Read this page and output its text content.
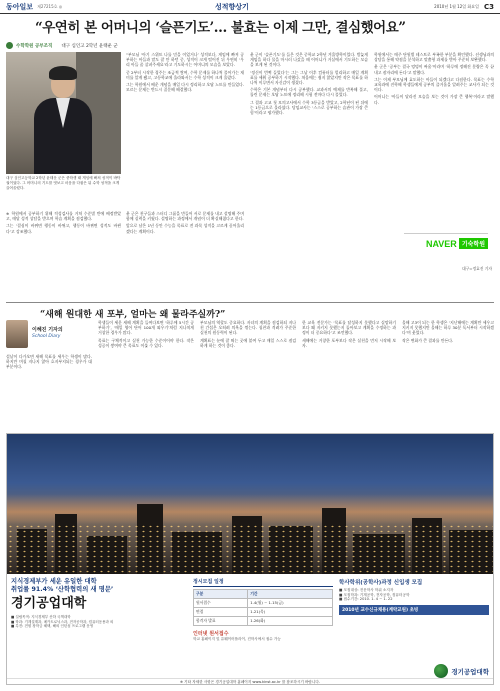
동아일보 제27215호 ◎	성적향상기	2010년 1월 12일 화요일 C3
“우연히 본 어머니의 ‘슬픈기도’… 불효는 이제 그만, 결심했어요”
수학학원 공부조직 대구 심인고 2학년 윤태운 군
대구 심인고등학교 2학년 윤태운 군은 중학생 때 게임에 빠져 성적이 바닥권이었다. 그 어머니의 기도를 엿보고 마음을 다잡은 뒤 수학 성적을 크게 끌어올렸다.

“부모님 ‘아기 스위트 나를 믿을 이었거나’ 성적보다, 게임에 빠져 공부하는 아들과 말도 잘 안 하던 중, 성적이 크게 떨어진 뒤 우연히 ‘우리 아들 좀 살펴주세요’라고 기도하시는 어머니의 모습을 보았다.

중 2부터 시작한 경주는 조금씩 쌓여, 수학 문제를 하나씩 풀어가는 재미를 알게 됐고, 고등학교에 올라와서는 수학 성적이 크게 올랐다.

그는 학원에서 배운 개념을 매일 다시 정리하고 오답 노트를 만들었다. 모르는 문제는 반드시 질문해 해결했다.

윤 군이 ‘슬픈기도’를 들은 것은 중학교 2학년 겨울방학이었다. 밤늦게 게임을 하다 물을 마시러 나갔을 때 어머니가 거실에서 기도하는 모습을 보게 된 것이다.

‘정신이 번쩍 들었다’는 그는 그날 이후 컴퓨터를 멀리하고 매일 계획표를 세워 공부하기 시작했다. 처음에는 쉽지 않았지만 작은 목표를 하나씩 이루면서 자신감이 생겼다.

수학은 기본 개념부터 다시 공부했다. 교과서의 예제를 반복해 풀고, 틀린 문제는 오답 노트에 정리해 시험 전마다 다시 풀었다.

그 결과 고교 첫 모의고사에서 수학 3등급을 받았고, 2학년이 된 뒤에는 1등급으로 올라섰다. 담임교사는 ‘스스로 공부하는 습관이 가장 큰 힘’이라고 평가했다.

학원에서는 매주 단원별 테스트로 부족한 부분을 확인했다. 선생님과의 상담을 통해 약점을 분석하고 맞춤형 과제를 받아 꾸준히 보완했다.

윤 군은 ‘공부는 결국 엉덩이 싸움’이라며 ‘하루에 정해진 분량은 꼭 끝내고 잠자리에 든다’고 말했다.

그는 이제 부모님께 효도하는 아들이 되겠다고 다짐한다. 목표는 수학교육과에 진학해 학생들에게 공부의 즐거움을 알려주는 교사가 되는 것이다.

어머니는 ‘아들이 달라진 모습을 보는 것이 가장 큰 행복’이라고 말했다.

※ 학원에서 공부하기 위해 적성검사를 거쳐 수준별 반에 배정받았고, 매달 성적 상담을 받으며 학습 계획을 점검했다.

그는 ‘결심이 바뀌면 행동이 바뀌고, 행동이 바뀌면 성적도 바뀐다’고 강조했다.

윤 군은 친구들과 스터디 그룹을 만들어 서로 문제를 내고 설명해 주며 함께 실력을 키웠다. 설명하는 과정에서 개념이 더 확실해졌다고 한다.

앞으로 남은 1년 동안 수능을 목표로 전 과목 성적을 고르게 끌어올리겠다는 계획이다.

대구=정효진 기자
NAVER 기숙학원
“새해 원대한 새 포부, 얼마는 왜 물라주실까?”
이혜진 기자의
School Diary

설날이 다가오면 새해 목표를 세우는 학생이 많다. 하지만 며칠 지나지 않아 흐지부지되는 경우가 대부분이다.

학생들이 세운 새해 계획을 들여다보면 ‘하루에 5시간 공부하기’, ‘매일 영어 단어 100개 외우기’처럼 지나치게 거창한 경우가 많다.

목표는 구체적이고 실천 가능한 수준이어야 한다. 작은 성공이 쌓여야 큰 목표도 이룰 수 있다.

부모님의 역할도 중요하다. 자녀의 계획을 점검하되 지나친 간섭은 오히려 의욕을 꺾는다. 칭찬과 격려가 꾸준한 실천의 원동력이 된다.

계획표는 눈에 잘 띄는 곳에 붙여 두고 매일 스스로 점검하게 하는 것이 좋다.

한 교육 전문가는 ‘목표를 달성하지 못했다고 실망하기보다 왜 지키지 못했는지 돌아보고 계획을 수정하는 과정이 더 중요하다’고 조언했다.

새해에는 거창한 포부보다 작은 실천을 먼저 시작해 보자.

올해 고3이 되는 한 학생은 ‘지난해에는 계획만 세우고 지키지 못했지만 올해는 하루 30분 독서부터 시작하겠다’며 웃었다.

작은 변화가 큰 결과를 만든다.

지식경제부가 세운 유일한 대학
취업률 91.4% ‘산학협력의 새 명문’
경기공업대학
■ 설립목적: 지식경제부 산하 국책대학
■ 학과: 기계설계과, 메카트로닉스과, 전자공학과, 컴퓨터응용과 외
■ 특전: 전원 장학금 혜택, 해외 인턴십 프로그램 운영
정시모집 일정
구분	기간
원서접수	1.4(월) ~ 1.15(금)
면접	1.21(목)
합격자 발표	1.26(화)
인터넷 원서접수
학교 홈페이지 및 유웨이어플라이, 진학사에서 접수 가능
학사학위(공학사)과정 신입생 모집
■ 모집대상: 전문학사 학위 소지자
■ 모집학과: 기계공학, 전자공학, 컴퓨터공학
■ 접수기간: 2010. 1. 4 ~ 1. 22
2010년 교수신규채용(계약교원) 초빙
경기공업대학
※ 기타 자세한 사항은 경기공업대학 홈페이지 www.kinst.ac.kr 를 참조하시기 바랍니다.
